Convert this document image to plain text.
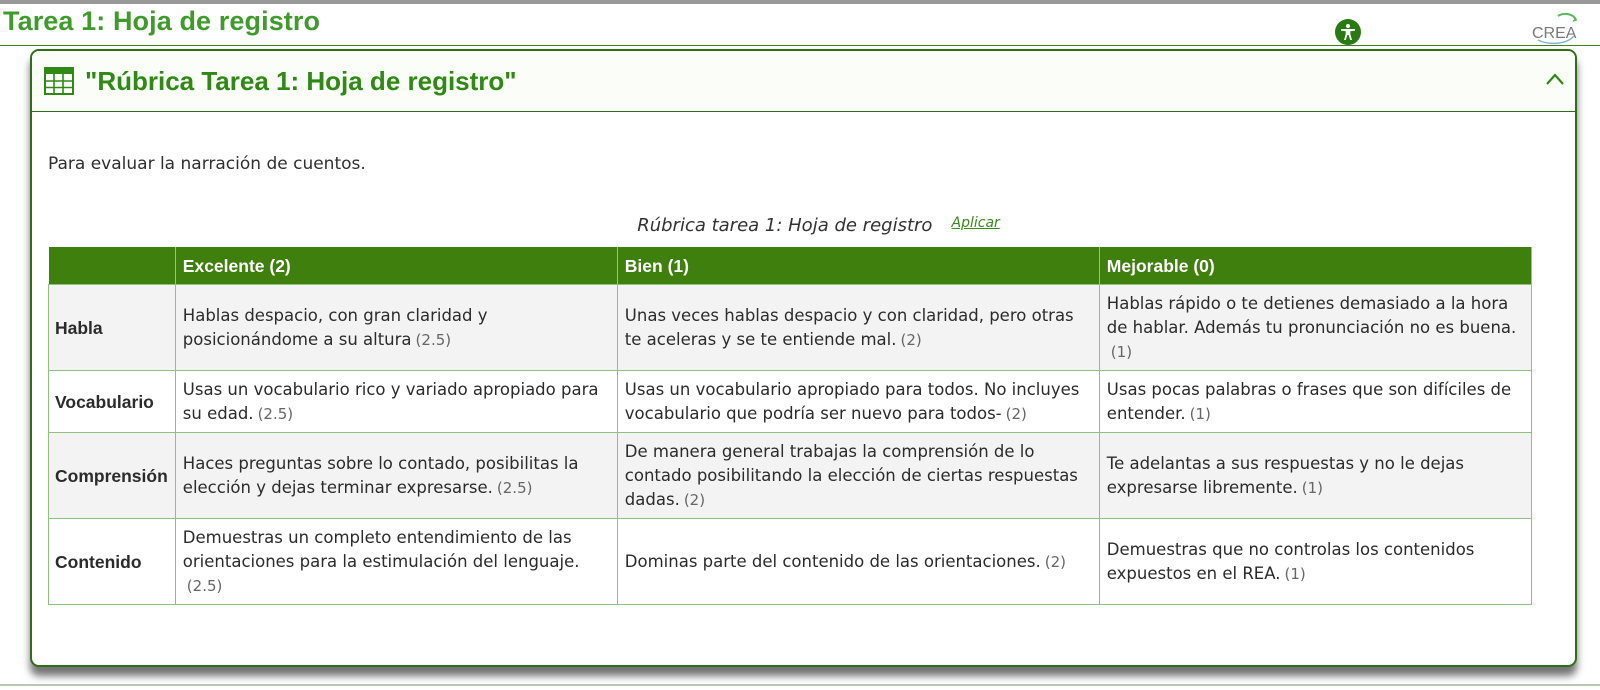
Tarea 1: Hoja de registro	CREA
"Rúbrica Tarea 1: Hoja de registro"

Para evaluar la narración de cuentos.

Rúbrica tarea 1: Hoja de registro Aplicar
	Excelente (2)	Bien (1)	Mejorable (0)
Habla	Hablas despacio, con gran claridad y posicionándome a su altura (2.5)	Unas veces hablas despacio y con claridad, pero otras te aceleras y se te entiende mal. (2)	Hablas rápido o te detienes demasiado a la hora de hablar. Además tu pronunciación no es buena.(1)
Vocabulario	Usas un vocabulario rico y variado apropiado para su edad. (2.5)	Usas un vocabulario apropiado para todos. No incluyes vocabulario que podría ser nuevo para todos- (2)	Usas pocas palabras o frases que son difíciles de entender. (1)
Comprensión	Haces preguntas sobre lo contado, posibilitas la elección y dejas terminar expresarse. (2.5)	De manera general trabajas la comprensión de lo contado posibilitando la elección de ciertas respuestas dadas. (2)	Te adelantas a sus respuestas y no le dejas expresarse libremente. (1)
Contenido	Demuestras un completo entendimiento de las orientaciones para la estimulación del lenguaje.(2.5)	Dominas parte del contenido de las orientaciones. (2)	Demuestras que no controlas los contenidos expuestos en el REA. (1)
